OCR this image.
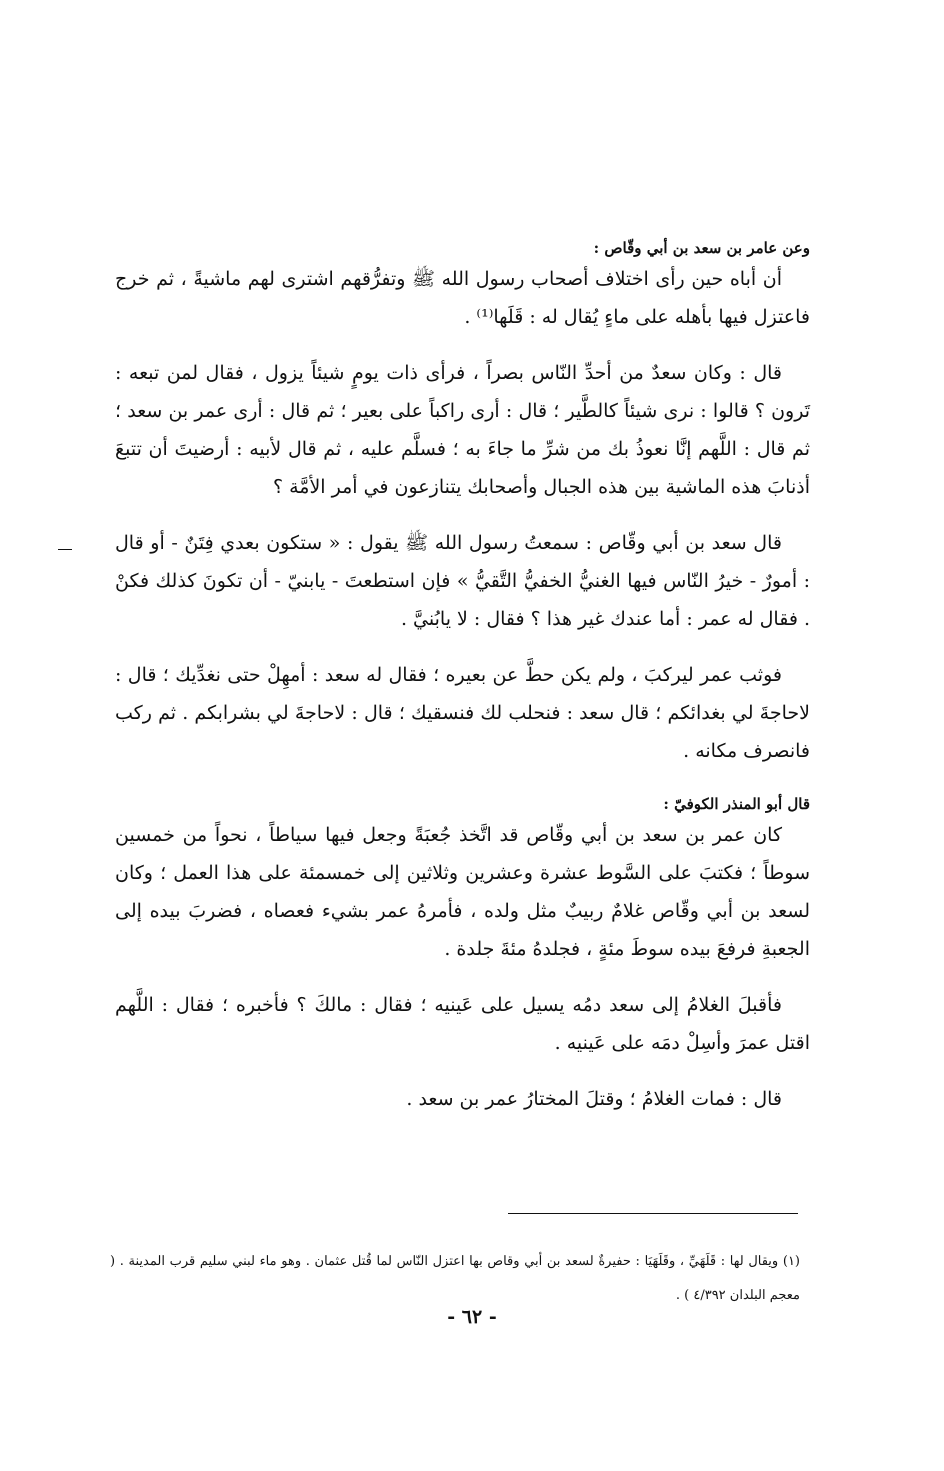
وعن عامر بن سعد بن أبي وقّاص :

أن أباه حين رأى اختلاف أصحاب رسول الله ﷺ وتفرُّقهم اشترى لهم ماشيةً ، ثم خرج فاعتزل فيها بأهله على ماءٍ يُقال له : قَلَها⁽¹⁾ .

قال : وكان سعدٌ من أحدِّ النّاس بصراً ، فرأى ذات يومٍ شيئاً يزول ، فقال لمن تبعه : تَرون ؟ قالوا : نرى شيئاً كالطَّير ؛ قال : أرى راكباً على بعير ؛ ثم قال : أرى عمر بن سعد ؛ ثم قال : اللَّهم إنَّا نعوذُ بك من شرِّ ما جاءَ به ؛ فسلَّم عليه ، ثم قال لأبيه : أرضيتَ أن تتبعَ أذنابَ هذه الماشية بين هذه الجبال وأصحابك يتنازعون في أمر الأمَّة ؟

قال سعد بن أبي وقّاص : سمعتُ رسول الله ﷺ يقول : « ستكون بعدي فِتَنٌ - أو قال : أمورٌ - خيرُ النّاس فيها الغنيُّ الخفيُّ التَّقيُّ » فإن استطعتَ - يابنيّ - أن تكونَ كذلك فكنْ . فقال له عمر : أما عندك غير هذا ؟ فقال : لا يابُنيَّ .

فوثب عمر ليركبَ ، ولم يكن حطَّ عن بعيره ؛ فقال له سعد : أمهِلْ حتى نغدِّيك ؛ قال : لاحاجةَ لي بغدائكم ؛ قال سعد : فنحلب لك فنسقيك ؛ قال : لاحاجةَ لي بشرابكم . ثم ركب فانصرف مكانه .

قال أبو المنذر الكوفيّ :

كان عمر بن سعد بن أبي وقّاص قد اتَّخذ جُعبَةً وجعل فيها سياطاً ، نحواً من خمسين سوطاً ؛ فكتبَ على السَّوط عشرة وعشرين وثلاثين إلى خمسمئة على هذا العمل ؛ وكان لسعد بن أبي وقّاص غلامٌ ربيبٌ مثل ولده ، فأمرهُ عمر بشيء فعصاه ، فضربَ بيده إلى الجعبةِ فرفعَ بيده سوطَ مئةٍ ، فجلدهُ مئةَ جلدة .

فأقبلَ الغلامُ إلى سعد دمُه يسيل على عَينيه ؛ فقال : مالكَ ؟ فأخبره ؛ فقال : اللَّهم اقتل عمرَ وأسِلْ دمَه على عَينيه .

قال : فمات الغلامُ ؛ وقتلَ المختارُ عمر بن سعد .

(١) ويقال لها : قَلَهَيِّ ، وقَلَهَيَا : حفيرةٌ لسعد بن أبي وقاص بها اعتزل النّاس لما قُتل عثمان . وهو ماء لبني سليم قرب المدينة . ( معجم البلدان ٤/٣٩٢ ) .

- ٦٢ -
